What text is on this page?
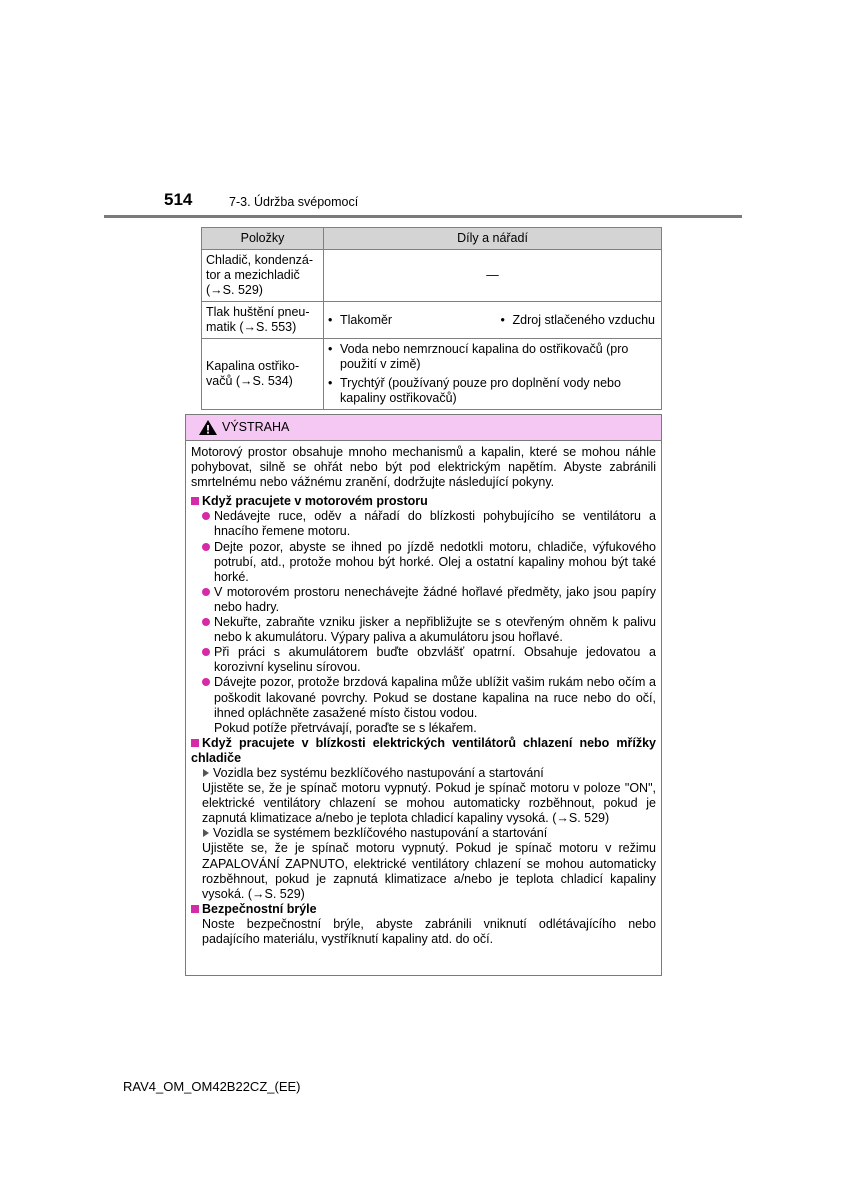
514	7-3. Údržba svépomocí
Položky	Díly a nářadí
Chladič, kondenzá-tor a mezichladič (→S. 529)	—
Tlak huštění pneu-matik (→S. 553)	• Tlakoměr • Zdroj stlačeného vzduchu

Kapalina ostřiko-vačů (→S. 534)	• Voda nebo nemrznoucí kapalina do ostřikovačů (pro použití v zimě)
• Trychtýř (používaný pouze pro doplnění vody nebo kapaliny ostřikovačů)
VÝSTRAHA

Motorový prostor obsahuje mnoho mechanismů a kapalin, které se mohou náhle pohybovat, silně se ohřát nebo být pod elektrickým napětím. Abyste zabránili smrtelnému nebo vážnému zranění, dodržujte následující pokyny.

Když pracujete v motorovém prostoru
Nedávejte ruce, oděv a nářadí do blízkosti pohybujícího se ventilátoru a hnacího řemene motoru.
Dejte pozor, abyste se ihned po jízdě nedotkli motoru, chladiče, výfukového potrubí, atd., protože mohou být horké. Olej a ostatní kapaliny mohou být také horké.
V motorovém prostoru nenechávejte žádné hořlavé předměty, jako jsou papíry nebo hadry.
Nekuřte, zabraňte vzniku jisker a nepřibližujte se s otevřeným ohněm k palivu nebo k akumulátoru. Výpary paliva a akumulátoru jsou hořlavé.
Při práci s akumulátorem buďte obzvlášť opatrní. Obsahuje jedovatou a korozivní kyselinu sírovou.
Dávejte pozor, protože brzdová kapalina může ublížit vašim rukám nebo očím a poškodit lakované povrchy. Pokud se dostane kapalina na ruce nebo do očí, ihned opláchněte zasažené místo čistou vodou.
Pokud potíže přetrvávají, poraďte se s lékařem.
Když pracujete v blízkosti elektrických ventilátorů chlazení nebo mřížky chladiče
Vozidla bez systému bezklíčového nastupování a startování
Ujistěte se, že je spínač motoru vypnutý. Pokud je spínač motoru v poloze "ON", elektrické ventilátory chlazení se mohou automaticky rozběhnout, pokud je zapnutá klimatizace a/nebo je teplota chladicí kapaliny vysoká. (→S. 529)
Vozidla se systémem bezklíčového nastupování a startování
Ujistěte se, že je spínač motoru vypnutý. Pokud je spínač motoru v režimu ZAPALOVÁNÍ ZAPNUTO, elektrické ventilátory chlazení se mohou automaticky rozběhnout, pokud je zapnutá klimatizace a/nebo je teplota chladicí kapaliny vysoká. (→S. 529)
Bezpečnostní brýle
Noste bezpečnostní brýle, abyste zabránili vniknutí odlétávajícího nebo padajícího materiálu, vystříknutí kapaliny atd. do očí.
RAV4_OM_OM42B22CZ_(EE)
